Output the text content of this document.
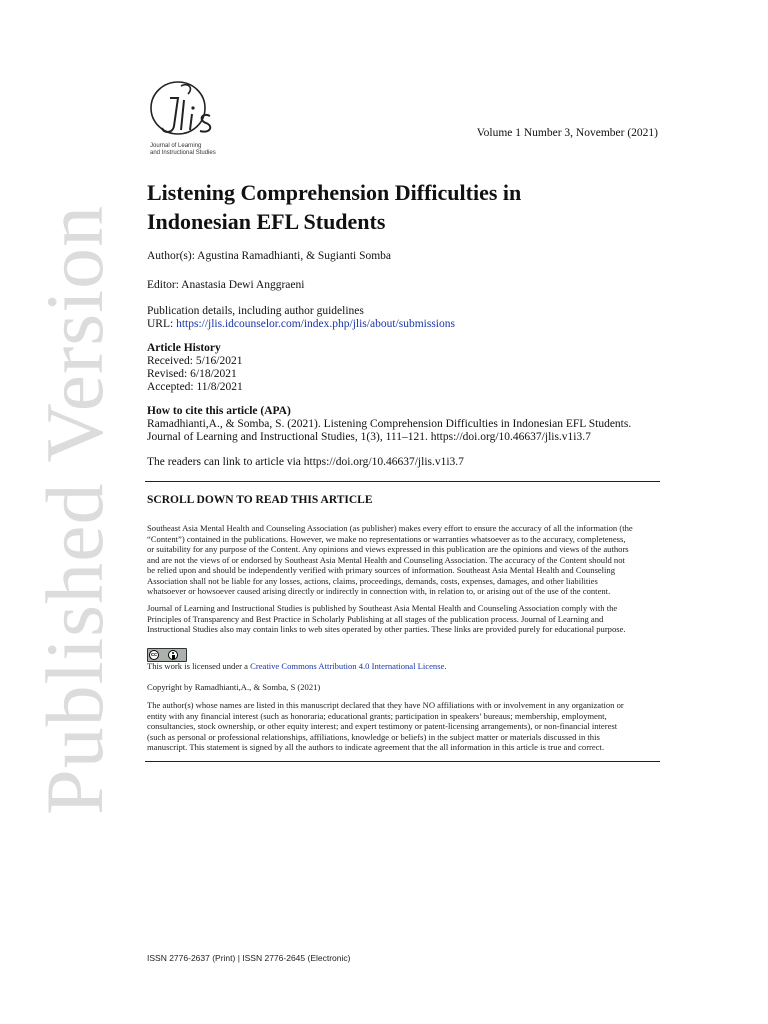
Published Version
Journal of Learning
and Instructional Studies
Volume 1 Number 3, November (2021)
Listening Comprehension Difficulties in
Indonesian EFL Students
Author(s): Agustina Ramadhianti, & Sugianti Somba
Editor: Anastasia Dewi Anggraeni
Publication details, including author guidelines
URL: https://jlis.idcounselor.com/index.php/jlis/about/submissions
Article History
Received: 5/16/2021
Revised: 6/18/2021
Accepted: 11/8/2021
How to cite this article (APA)
Ramadhianti,A., & Somba, S. (2021). Listening Comprehension Difficulties in Indonesian EFL Students.
Journal of Learning and Instructional Studies, 1(3), 111–121. https://doi.org/10.46637/jlis.v1i3.7
The readers can link to article via https://doi.org/10.46637/jlis.v1i3.7
SCROLL DOWN TO READ THIS ARTICLE
Southeast Asia Mental Health and Counseling Association (as publisher) makes every effort to ensure the accuracy of all the information (the
“Content”) contained in the publications. However, we make no representations or warranties whatsoever as to the accuracy, completeness,
or suitability for any purpose of the Content. Any opinions and views expressed in this publication are the opinions and views of the authors
and are not the views of or endorsed by Southeast Asia Mental Health and Counseling Association. The accuracy of the Content should not
be relied upon and should be independently verified with primary sources of information. Southeast Asia Mental Health and Counseling
Association shall not be liable for any losses, actions, claims, proceedings, demands, costs, expenses, damages, and other liabilities
whatsoever or howsoever caused arising directly or indirectly in connection with, in relation to, or arising out of the use of the content.
Journal of Learning and Instructional Studies is published by Southeast Asia Mental Health and Counseling Association comply with the
Principles of Transparency and Best Practice in Scholarly Publishing at all stages of the publication process. Journal of Learning and
Instructional Studies also may contain links to web sites operated by other parties. These links are provided purely for educational purpose.
cc
This work is licensed under a Creative Commons Attribution 4.0 International License.
Copyright by Ramadhianti,A., & Somba, S (2021)
The author(s) whose names are listed in this manuscript declared that they have NO affiliations with or involvement in any organization or
entity with any financial interest (such as honoraria; educational grants; participation in speakers’ bureaus; membership, employment,
consultancies, stock ownership, or other equity interest; and expert testimony or patent-licensing arrangements), or non-financial interest
(such as personal or professional relationships, affiliations, knowledge or beliefs) in the subject matter or materials discussed in this
manuscript. This statement is signed by all the authors to indicate agreement that the all information in this article is true and correct.
ISSN 2776-2637 (Print) | ISSN 2776-2645 (Electronic)
